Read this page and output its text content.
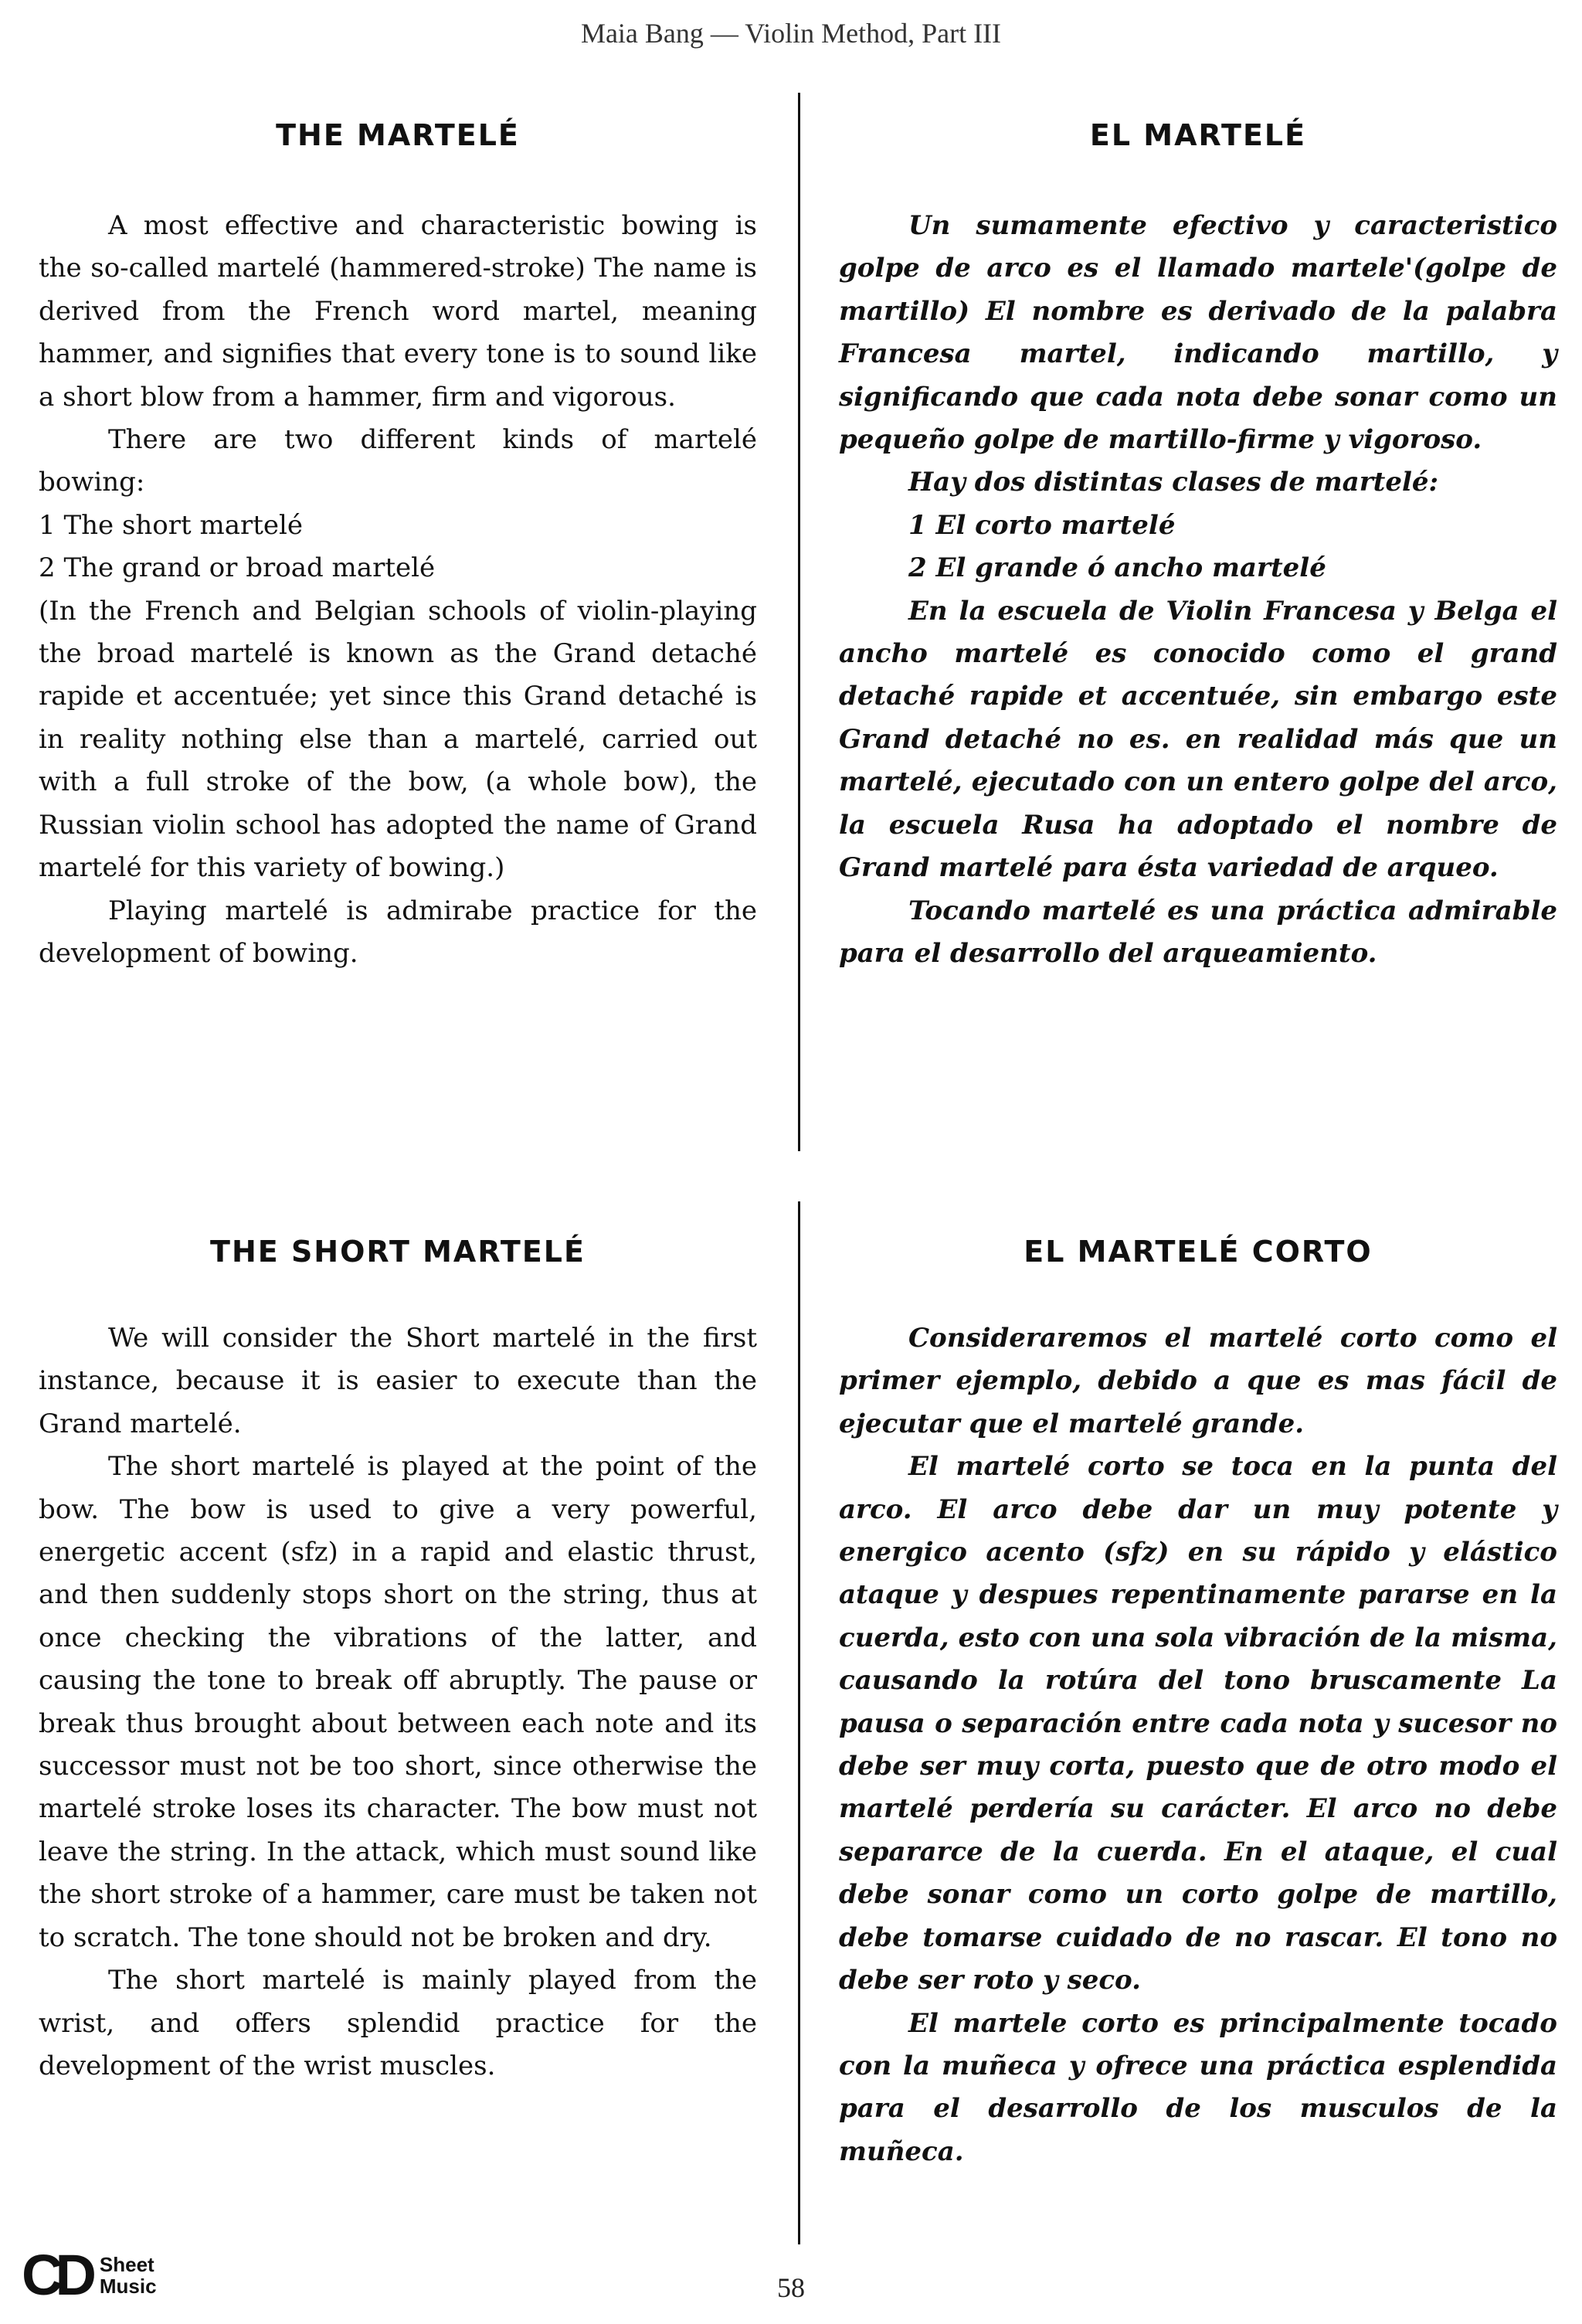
Maia Bang — Violin Method, Part III
THE MARTELÉ

A most effective and characteristic bowing is the so-called martelé (hammered-stroke) The name is derived from the French word martel, meaning hammer, and signifies that every tone is to sound like a short blow from a hammer, firm and vigorous.

There are two different kinds of martelé bowing:

1 The short martelé

2 The grand or broad martelé

(In the French and Belgian schools of violin-playing the broad martelé is known as the Grand detaché rapide et accentuée; yet since this Grand detaché is in reality nothing else than a martelé, carried out with a full stroke of the bow, (a whole bow), the Russian violin school has adopted the name of Grand martelé for this variety of bowing.)

Playing martelé is admirabe practice for the development of bowing.

EL MARTELÉ

Un sumamente efectivo y caracteristico golpe de arco es el llamado martele'(golpe de martillo) El nombre es derivado de la palabra Francesa martel, indicando martillo, y significando que cada nota debe sonar como un pequeño golpe de martillo-firme y vigoroso.

Hay dos distintas clases de martelé:

1 El corto martelé

2 El grande ó ancho martelé

En la escuela de Violin Francesa y Belga el ancho martelé es conocido como el grand detaché rapide et accentuée, sin embargo este Grand detaché no es. en realidad más que un martelé, ejecutado con un entero golpe del arco, la escuela Rusa ha adoptado el nombre de Grand martelé para ésta variedad de arqueo.

Tocando martelé es una práctica admirable para el desarrollo del arqueamiento.

THE SHORT MARTELÉ

We will consider the Short martelé in the first instance, because it is easier to execute than the Grand martelé.

The short martelé is played at the point of the bow. The bow is used to give a very powerful, energetic accent (sfz) in a rapid and elastic thrust, and then suddenly stops short on the string, thus at once checking the vibrations of the latter, and causing the tone to break off abruptly. The pause or break thus brought about between each note and its successor must not be too short, since otherwise the martelé stroke loses its character. The bow must not leave the string. In the attack, which must sound like the short stroke of a hammer, care must be taken not to scratch. The tone should not be broken and dry.

The short martelé is mainly played from the wrist, and offers splendid practice for the development of the wrist muscles.

EL MARTELÉ CORTO

Consideraremos el martelé corto como el primer ejemplo, debido a que es mas fácil de ejecutar que el martelé grande.

El martelé corto se toca en la punta del arco. El arco debe dar un muy potente y energico acento (sfz) en su rápido y elástico ataque y despues repentinamente pararse en la cuerda, esto con una sola vibración de la misma, causando la rotúra del tono bruscamente La pausa o separación entre cada nota y sucesor no debe ser muy corta, puesto que de otro modo el martelé perdería su carácter. El arco no debe separarce de la cuerda. En el ataque, el cual debe sonar como un corto golpe de martillo, debe tomarse cuidado de no rascar. El tono no debe ser roto y seco.

El martele corto es principalmente tocado con la muñeca y ofrece una práctica esplendida para el desarrollo de los musculos de la muñeca.

CD Sheet
Music	58
